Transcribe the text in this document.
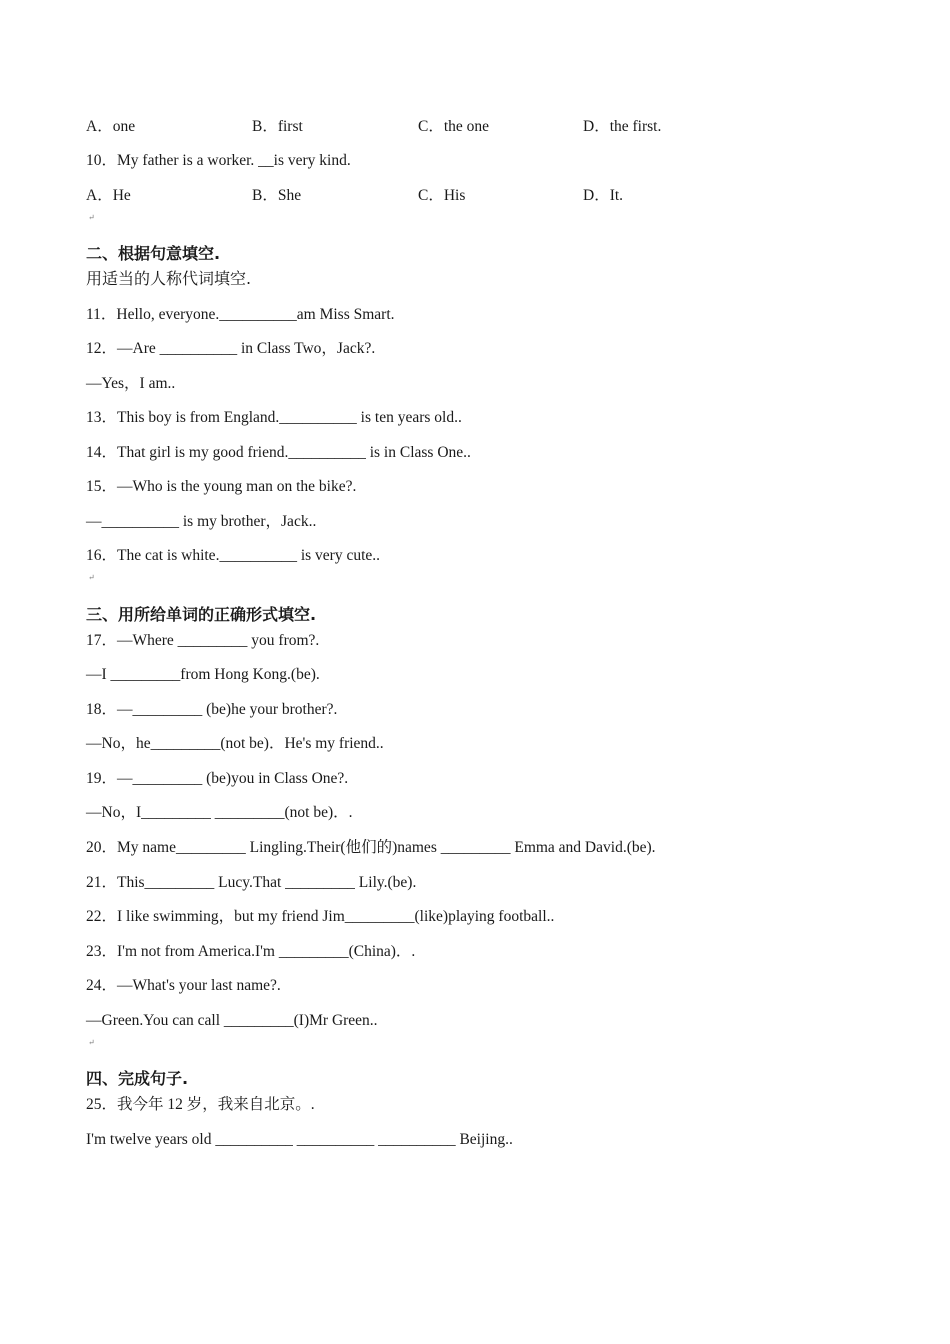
A．one	B．first	C．the one	D．the first.
10．My father is a worker. __is very kind.
A．He	B．She	C．His	D．It.
↵
二、根据句意填空.
用适当的人称代词填空.
11．Hello, everyone.__________am Miss Smart.
12．—Are __________ in Class Two，Jack?.
—Yes，I am..
13．This boy is from England.__________ is ten years old..
14．That girl is my good friend.__________ is in Class One..
15．—Who is the young man on the bike?.
—__________ is my brother，Jack..
16．The cat is white.__________ is very cute..
↵
三、用所给单词的正确形式填空.
17．—Where _________ you from?.
—I _________from Hong Kong.(be).
18．—_________ (be)he your brother?.
—No，he_________(not be)．He's my friend..
19．—_________ (be)you in Class One?.
—No，I_________ _________(not be)．.
20．My name_________ Lingling.Their(他们的)names _________ Emma and David.(be).
21．This_________ Lucy.That _________ Lily.(be).
22．I like swimming，but my friend Jim_________(like)playing football..
23．I'm not from America.I'm _________(China)．.
24．—What's your last name?.
—Green.You can call _________(I)Mr Green..
↵
四、完成句子.
25．我今年 12 岁，我来自北京。.
I'm twelve years old __________ __________ __________ Beijing..
